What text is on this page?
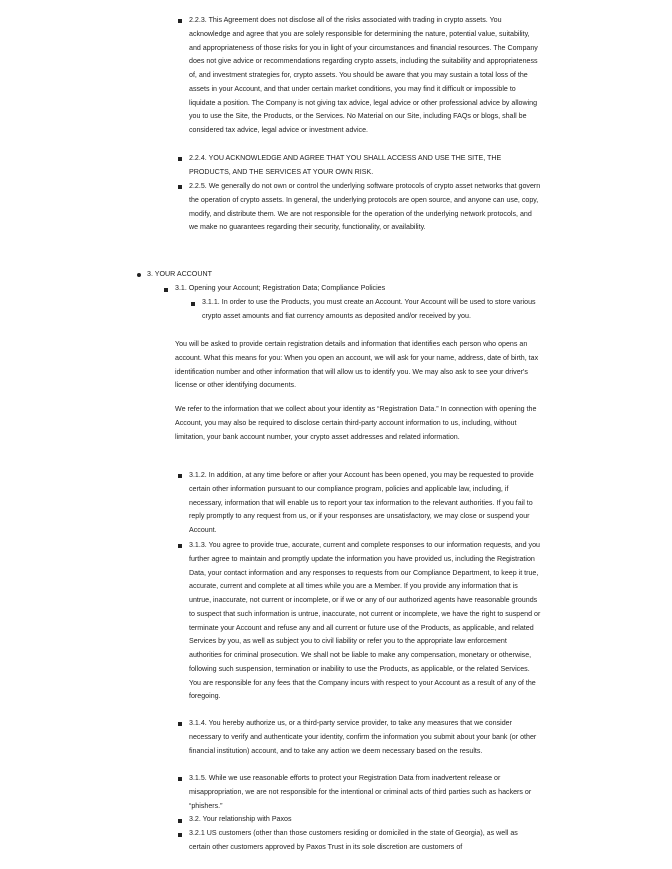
2.2.3. This Agreement does not disclose all of the risks associated with trading in crypto assets. You acknowledge and agree that you are solely responsible for determining the nature, potential value, suitability, and appropriateness of those risks for you in light of your circumstances and financial resources. The Company does not give advice or recommendations regarding crypto assets, including the suitability and appropriateness of, and investment strategies for, crypto assets. You should be aware that you may sustain a total loss of the assets in your Account, and that under certain market conditions, you may find it difficult or impossible to liquidate a position. The Company is not giving tax advice, legal advice or other professional advice by allowing you to use the Site, the Products, or the Services. No Material on our Site, including FAQs or blogs, shall be considered tax advice, legal advice or investment advice.

2.2.4. YOU ACKNOWLEDGE AND AGREE THAT YOU SHALL ACCESS AND USE THE SITE, THE PRODUCTS, AND THE SERVICES AT YOUR OWN RISK.

2.2.5. We generally do not own or control the underlying software protocols of crypto asset networks that govern the operation of crypto assets. In general, the underlying protocols are open source, and anyone can use, copy, modify, and distribute them. We are not responsible for the operation of the underlying network protocols, and we make no guarantees regarding their security, functionality, or availability.

3. YOUR ACCOUNT

3.1. Opening your Account; Registration Data; Compliance Policies

3.1.1. In order to use the Products, you must create an Account. Your Account will be used to store various crypto asset amounts and fiat currency amounts as deposited and/or received by you.

You will be asked to provide certain registration details and information that identifies each person who opens an account. What this means for you: When you open an account, we will ask for your name, address, date of birth, tax identification number and other information that will allow us to identify you. We may also ask to see your driver's license or other identifying documents.

We refer to the information that we collect about your identity as “Registration Data.” In connection with opening the Account, you may also be required to disclose certain third-party account information to us, including, without limitation, your bank account number, your crypto asset addresses and related information.

3.1.2. In addition, at any time before or after your Account has been opened, you may be requested to provide certain other information pursuant to our compliance program, policies and applicable law, including, if necessary, information that will enable us to report your tax information to the relevant authorities. If you fail to reply promptly to any request from us, or if your responses are unsatisfactory, we may close or suspend your Account.

3.1.3. You agree to provide true, accurate, current and complete responses to our information requests, and you further agree to maintain and promptly update the information you have provided us, including the Registration Data, your contact information and any responses to requests from our Compliance Department, to keep it true, accurate, current and complete at all times while you are a Member. If you provide any information that is untrue, inaccurate, not current or incomplete, or if we or any of our authorized agents have reasonable grounds to suspect that such information is untrue, inaccurate, not current or incomplete, we have the right to suspend or terminate your Account and refuse any and all current or future use of the Products, as applicable, and related Services by you, as well as subject you to civil liability or refer you to the appropriate law enforcement authorities for criminal prosecution. We shall not be liable to make any compensation, monetary or otherwise, following such suspension, termination or inability to use the Products, as applicable, or the related Services. You are responsible for any fees that the Company incurs with respect to your Account as a result of any of the foregoing.

3.1.4. You hereby authorize us, or a third-party service provider, to take any measures that we consider necessary to verify and authenticate your identity, confirm the information you submit about your bank (or other financial institution) account, and to take any action we deem necessary based on the results.

3.1.5. While we use reasonable efforts to protect your Registration Data from inadvertent release or misappropriation, we are not responsible for the intentional or criminal acts of third parties such as hackers or “phishers.”

3.2. Your relationship with Paxos

3.2.1 US customers (other than those customers residing or domiciled in the state of Georgia), as well as certain other customers approved by Paxos Trust in its sole discretion are customers of
